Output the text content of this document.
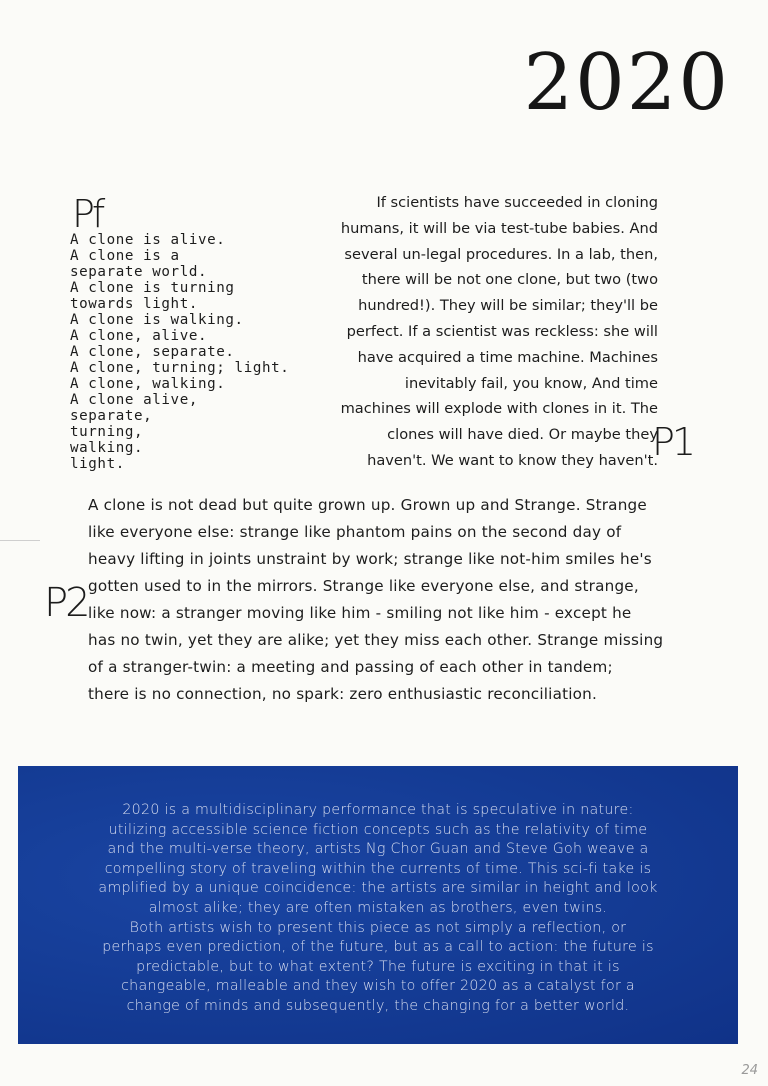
2020
Pf
P1
P2
A clone is alive.
A clone is a
separate world.
A clone is turning
towards light.
A clone is walking.
A clone, alive.
A clone, separate.
A clone, turning; light.
A clone, walking.
A clone alive,
separate,
turning,
walking.
light.
If scientists have succeeded in cloning
humans, it will be via test-tube babies. And
several un-legal procedures. In a lab, then,
there will be not one clone, but two (two
hundred!). They will be similar; they'll be
perfect. If a scientist was reckless: she will
have acquired a time machine. Machines
inevitably fail, you know, And time
machines will explode with clones in it. The
clones will have died. Or maybe they
haven't. We want to know they haven't.
A clone is not dead but quite grown up. Grown up and Strange. Strange
like everyone else: strange like phantom pains on the second day of
heavy lifting in joints unstraint by work; strange like not-him smiles he's
gotten used to in the mirrors. Strange like everyone else, and strange,
like now: a stranger moving like him - smiling not like him - except he
has no twin, yet they are alike; yet they miss each other. Strange missing
of a stranger-twin: a meeting and passing of each other in tandem;
there is no connection, no spark: zero enthusiastic reconciliation.
2020 is a multidisciplinary performance that is speculative in nature:
utilizing accessible science fiction concepts such as the relativity of time
and the multi-verse theory, artists Ng Chor Guan and Steve Goh weave a
compelling story of traveling within the currents of time. This sci-fi take is
amplified by a unique coincidence: the artists are similar in height and look
almost alike; they are often mistaken as brothers, even twins.
Both artists wish to present this piece as not simply a reflection, or
perhaps even prediction, of the future, but as a call to action: the future is
predictable, but to what extent? The future is exciting in that it is
changeable, malleable and they wish to offer 2020 as a catalyst for a
change of minds and subsequently, the changing for a better world.
24
